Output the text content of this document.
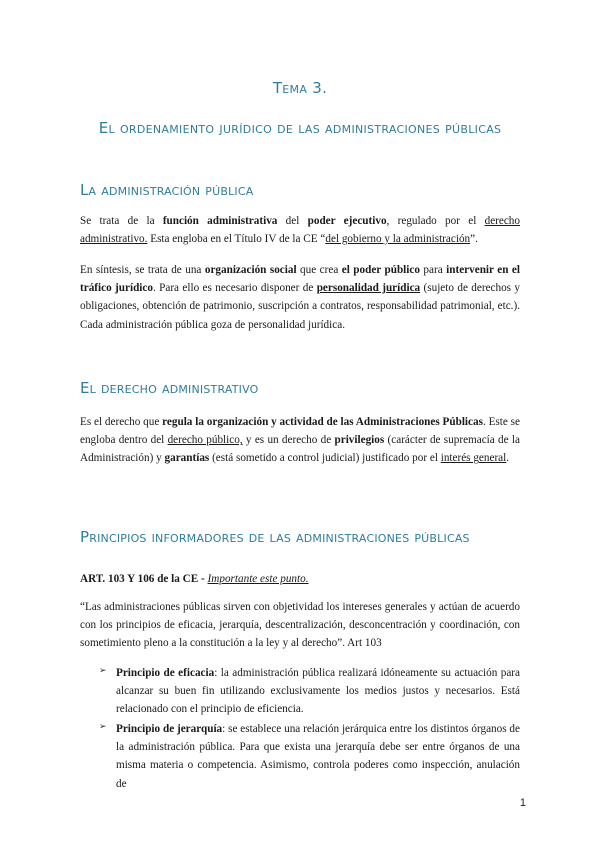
Tema 3.
El ordenamiento jurídico de las administraciones públicas
La administración pública
Se trata de la función administrativa del poder ejecutivo, regulado por el derecho administrativo. Esta engloba en el Título IV de la CE “del gobierno y la administración”.
En síntesis, se trata de una organización social que crea el poder público para intervenir en el tráfico jurídico. Para ello es necesario disponer de personalidad jurídica (sujeto de derechos y obligaciones, obtención de patrimonio, suscripción a contratos, responsabilidad patrimonial, etc.). Cada administración pública goza de personalidad jurídica.
El derecho administrativo
Es el derecho que regula la organización y actividad de las Administraciones Públicas. Este se engloba dentro del derecho público, y es un derecho de privilegios (carácter de supremacía de la Administración) y garantías (está sometido a control judicial) justificado por el interés general.
Principios informadores de las administraciones públicas
ART. 103 Y 106 de la CE - Importante este punto.
“Las administraciones públicas sirven con objetividad los intereses generales y actúan de acuerdo con los principios de eficacia, jerarquía, descentralización, desconcentración y coordinación, con sometimiento pleno a la constitución a la ley y al derecho”. Art 103
➢ Principio de eficacia: la administración pública realizará idóneamente su actuación para alcanzar su buen fin utilizando exclusivamente los medios justos y necesarios. Está relacionado con el principio de eficiencia.
➢ Principio de jerarquía: se establece una relación jerárquica entre los distintos órganos de la administración pública. Para que exista una jerarquía debe ser entre órganos de una misma materia o competencia. Asimismo, controla poderes como inspección, anulación de
1
